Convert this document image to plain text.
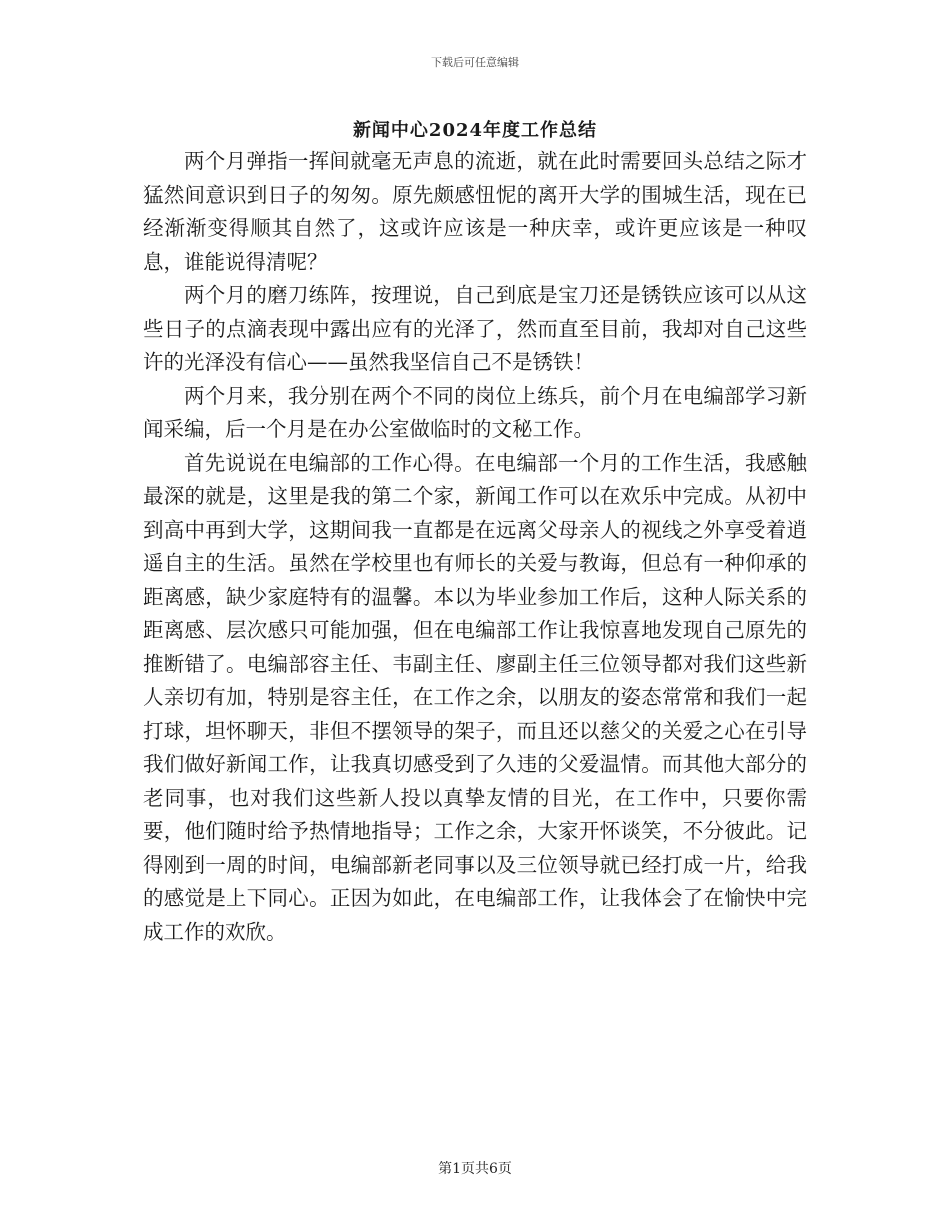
下载后可任意编辑
新闻中心2024年度工作总结

两个月弹指一挥间就毫无声息的流逝，就在此时需要回头总结之际才猛然间意识到日子的匆匆。原先颇感忸怩的离开大学的围城生活，现在已经渐渐变得顺其自然了，这或许应该是一种庆幸，或许更应该是一种叹息，谁能说得清呢？

两个月的磨刀练阵，按理说，自己到底是宝刀还是锈铁应该可以从这些日子的点滴表现中露出应有的光泽了，然而直至目前，我却对自己这些许的光泽没有信心——虽然我坚信自己不是锈铁！

两个月来，我分别在两个不同的岗位上练兵，前个月在电编部学习新闻采编，后一个月是在办公室做临时的文秘工作。

首先说说在电编部的工作心得。在电编部一个月的工作生活，我感触最深的就是，这里是我的第二个家，新闻工作可以在欢乐中完成。从初中到高中再到大学，这期间我一直都是在远离父母亲人的视线之外享受着逍遥自主的生活。虽然在学校里也有师长的关爱与教诲，但总有一种仰承的距离感，缺少家庭特有的温馨。本以为毕业参加工作后，这种人际关系的距离感、层次感只可能加强，但在电编部工作让我惊喜地发现自己原先的推断错了。电编部容主任、韦副主任、廖副主任三位领导都对我们这些新人亲切有加，特别是容主任，在工作之余，以朋友的姿态常常和我们一起打球，坦怀聊天，非但不摆领导的架子，而且还以慈父的关爱之心在引导我们做好新闻工作，让我真切感受到了久违的父爱温情。而其他大部分的老同事，也对我们这些新人投以真挚友情的目光，在工作中，只要你需要，他们随时给予热情地指导；工作之余，大家开怀谈笑，不分彼此。记得刚到一周的时间，电编部新老同事以及三位领导就已经打成一片，给我的感觉是上下同心。正因为如此，在电编部工作，让我体会了在愉快中完成工作的欢欣。

第1页共6页
